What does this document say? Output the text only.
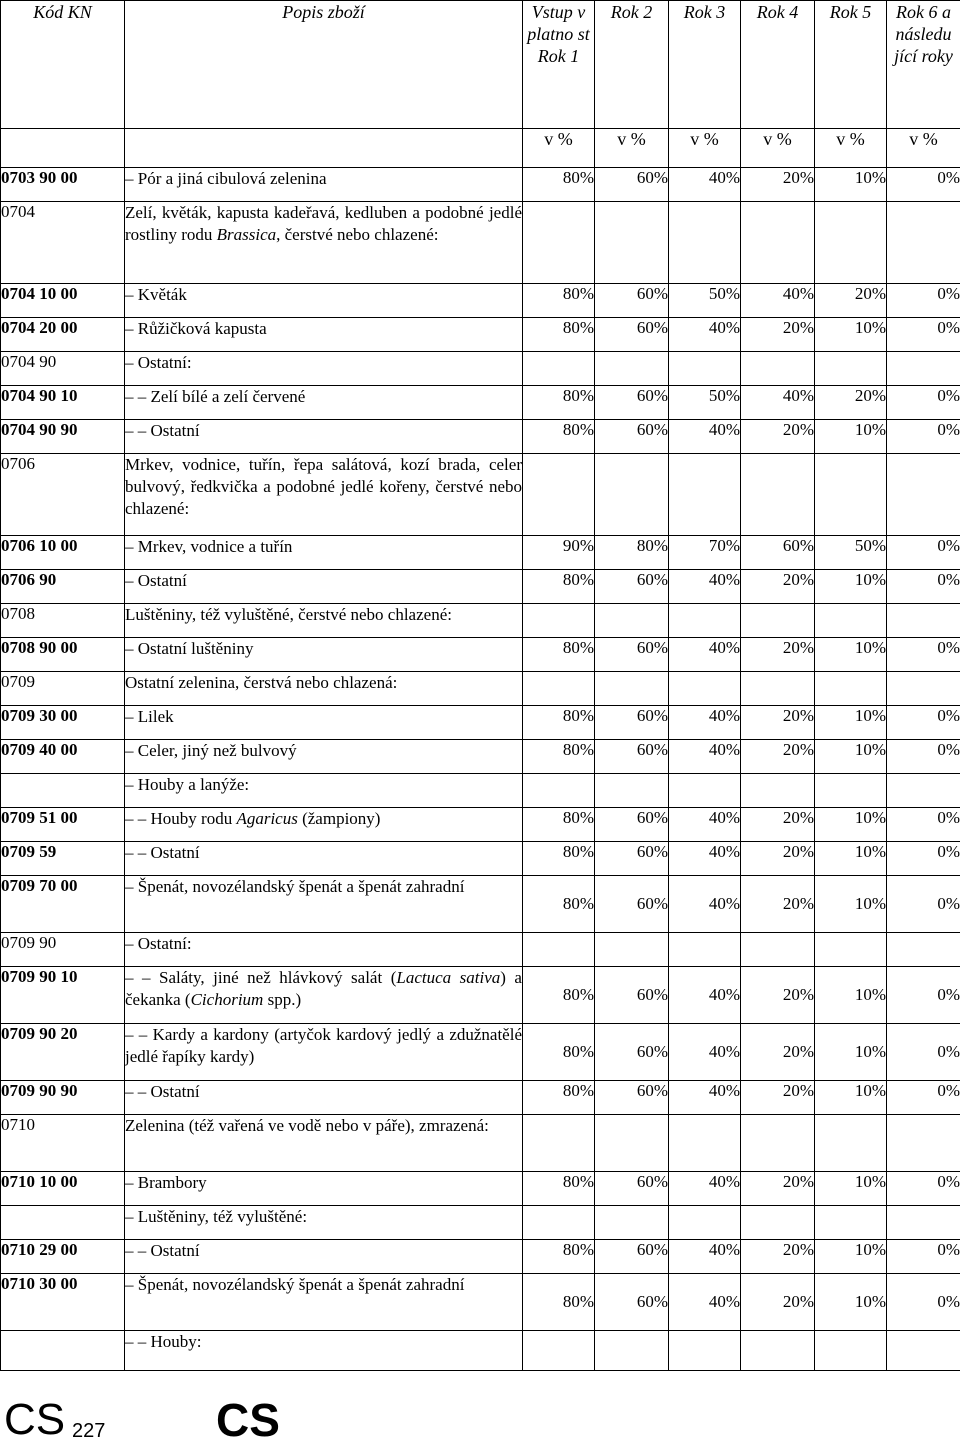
Kód KN	Popis zboží	Vstup v platno st Rok 1	Rok 2	Rok 3	Rok 4	Rok 5	Rok 6 a následu jící roky
		v %	v %	v %	v %	v %	v %
0703 90 00	– Pór a jiná cibulová zelenina	80%	60%	40%	20%	10%	0%
0704	Zelí, květák, kapusta kadeřavá, kedluben a podobné jedlé rostliny rodu Brassica, čerstvé nebo chlazené:						
0704 10 00	– Květák	80%	60%	50%	40%	20%	0%
0704 20 00	– Růžičková kapusta	80%	60%	40%	20%	10%	0%
0704 90	– Ostatní:						
0704 90 10	– – Zelí bílé a zelí červené	80%	60%	50%	40%	20%	0%
0704 90 90	– – Ostatní	80%	60%	40%	20%	10%	0%
0706	Mrkev, vodnice, tuřín, řepa salátová, kozí brada, celer bulvový, ředkvička a podobné jedlé kořeny, čerstvé nebo chlazené:						
0706 10 00	– Mrkev, vodnice a tuřín	90%	80%	70%	60%	50%	0%
0706 90	– Ostatní	80%	60%	40%	20%	10%	0%
0708	Luštěniny, též vyluštěné, čerstvé nebo chlazené:						
0708 90 00	– Ostatní luštěniny	80%	60%	40%	20%	10%	0%
0709	Ostatní zelenina, čerstvá nebo chlazená:						
0709 30 00	– Lilek	80%	60%	40%	20%	10%	0%
0709 40 00	– Celer, jiný než bulvový	80%	60%	40%	20%	10%	0%
	– Houby a lanýže:						
0709 51 00	– – Houby rodu Agaricus (žampiony)	80%	60%	40%	20%	10%	0%
0709 59	– – Ostatní	80%	60%	40%	20%	10%	0%
0709 70 00	– Špenát, novozélandský špenát a špenát zahradní	80%	60%	40%	20%	10%	0%
0709 90	– Ostatní:						
0709 90 10	– – Saláty, jiné než hlávkový salát (Lactuca sativa) a čekanka (Cichorium spp.)	80%	60%	40%	20%	10%	0%
0709 90 20	– – Kardy a kardony (artyčok kardový jedlý a zdužnatělé jedlé řapíky kardy)	80%	60%	40%	20%	10%	0%
0709 90 90	– – Ostatní	80%	60%	40%	20%	10%	0%
0710	Zelenina (též vařená ve vodě nebo v páře), zmrazená:						
0710 10 00	– Brambory	80%	60%	40%	20%	10%	0%
	– Luštěniny, též vyluštěné:						
0710 29 00	– – Ostatní	80%	60%	40%	20%	10%	0%
0710 30 00	– Špenát, novozélandský špenát a špenát zahradní	80%	60%	40%	20%	10%	0%
	– – Houby:						
CS 227 CS
